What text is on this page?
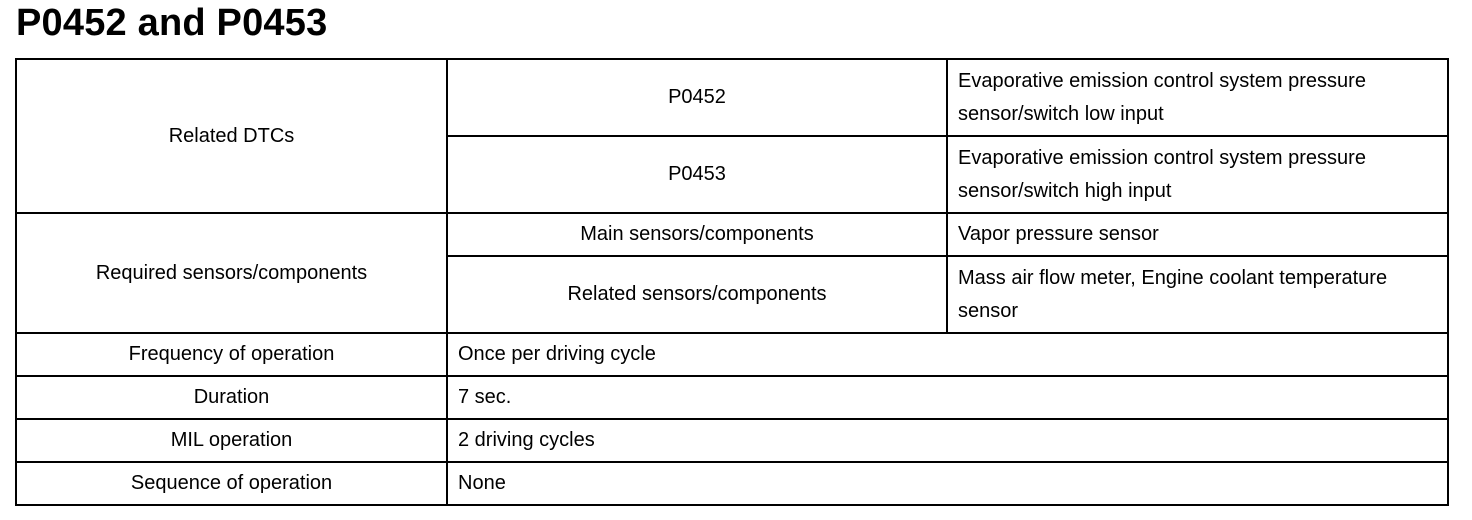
P0452 and P0453
Related DTCs	P0452	Evaporative emission control system pressure sensor/switch low input
	P0453	Evaporative emission control system pressure sensor/switch high input
Required sensors/components	Main sensors/components	Vapor pressure sensor
	Related sensors/components	Mass air flow meter, Engine coolant temperature sensor
Frequency of operation	Once per driving cycle	
Duration	7 sec.	
MIL operation	2 driving cycles	
Sequence of operation	None	
